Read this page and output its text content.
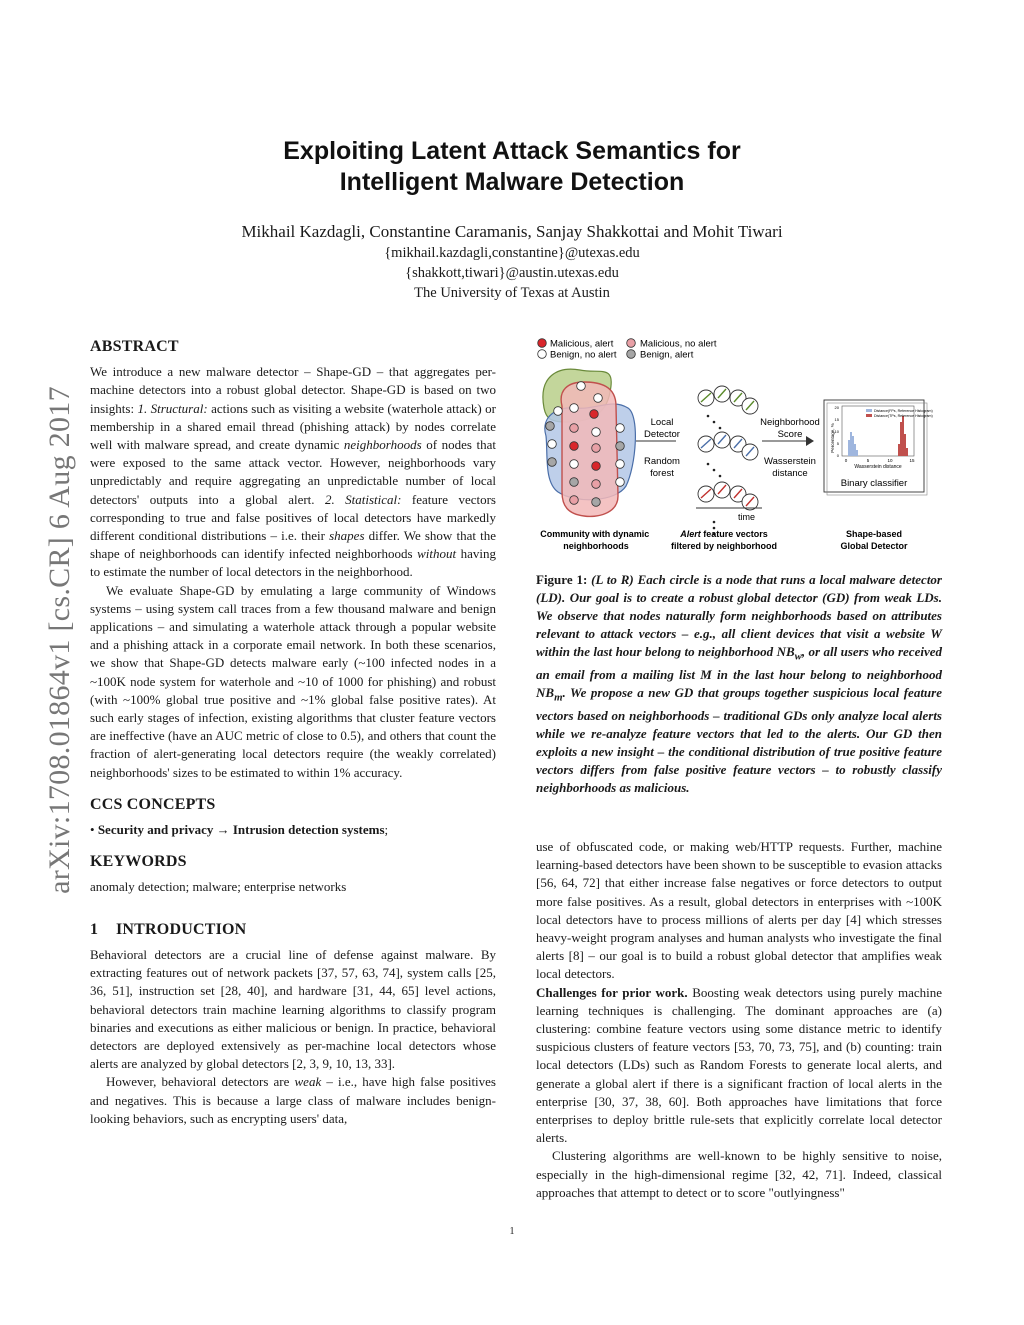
Exploiting Latent Attack Semantics for
Intelligent Malware Detection
Mikhail Kazdagli, Constantine Caramanis, Sanjay Shakkottai and Mohit Tiwari
{mikhail.kazdagli,constantine}@utexas.edu
{shakkott,tiwari}@austin.utexas.edu
The University of Texas at Austin
arXiv:1708.01864v1 [cs.CR] 6 Aug 2017
ABSTRACT

We introduce a new malware detector – Shape-GD – that aggregates per-machine detectors into a robust global detector. Shape-GD is based on two insights: 1. Structural: actions such as visiting a website (waterhole attack) or membership in a shared email thread (phishing attack) by nodes correlate well with malware spread, and create dynamic neighborhoods of nodes that were exposed to the same attack vector. However, neighborhoods vary unpredictably and require aggregating an unpredictable number of local detectors' outputs into a global alert. 2. Statistical: feature vectors corresponding to true and false positives of local detectors have markedly different conditional distributions – i.e. their shapes differ. We show that the shape of neighborhoods can identify infected neighborhoods without having to estimate the number of local detectors in the neighborhood.

We evaluate Shape-GD by emulating a large community of Windows systems – using system call traces from a few thousand malware and benign applications – and simulating a waterhole attack through a popular website and a phishing attack in a corporate email network. In both these scenarios, we show that Shape-GD detects malware early (~100 infected nodes in a ~100K node system for waterhole and ~10 of 1000 for phishing) and robust (with ~100% global true positive and ~1% global false positive rates). At such early stages of infection, existing algorithms that cluster feature vectors are ineffective (have an AUC metric of close to 0.5), and others that count the fraction of alert-generating local detectors require (the weakly correlated) neighborhoods' sizes to be estimated to within 1% accuracy.

CCS CONCEPTS

• Security and privacy → Intrusion detection systems;

KEYWORDS

anomaly detection; malware; enterprise networks

1 INTRODUCTION

Behavioral detectors are a crucial line of defense against malware. By extracting features out of network packets [37, 57, 63, 74], system calls [25, 36, 51], instruction set [28, 40], and hardware [31, 44, 65] level actions, behavioral detectors train machine learning algorithms to classify program binaries and executions as either malicious or benign. In practice, behavioral detectors are deployed extensively as per-machine local detectors whose alerts are analyzed by global detectors [2, 3, 9, 10, 13, 33].

However, behavioral detectors are weak – i.e., have high false positives and negatives. This is because a large class of malware includes benign-looking behaviors, such as encrypting users' data,

Malicious, alert	Malicious, no alert
Benign, no alert Benign, alert
Local Detector
Random forest
time
Neighborhood Score
Wasserstein distance
Distance(FPs, Reference Histogram)
Distance(TPs, Reference Histogram)
Percentage, %
0
5
10
15
20
0	5	10	15
Wasserstein distance
Binary classifier
Community with dynamic neighborhoods
Alert feature vectors filtered by neighborhood
Shape-based Global Detector
Figure 1: (L to R) Each circle is a node that runs a local malware detector (LD). Our goal is to create a robust global detector (GD) from weak LDs. We observe that nodes naturally form neighborhoods based on attributes relevant to attack vectors – e.g., all client devices that visit a website W within the last hour belong to neighborhood $NB_w$, or all users who received an email from a mailing list M in the last hour belong to neighborhood $NB_m$. We propose a new GD that groups together suspicious local feature vectors based on neighborhoods – traditional GDs only analyze local alerts while we re-analyze feature vectors that led to the alerts. Our GD then exploits a new insight – the conditional distribution of true positive feature vectors differs from false positive feature vectors – to robustly classify neighborhoods as malicious.

use of obfuscated code, or making web/HTTP requests. Further, machine learning-based detectors have been shown to be susceptible to evasion attacks [56, 64, 72] that either increase false negatives or force detectors to output more false positives. As a result, global detectors in enterprises with ~100K local detectors have to process millions of alerts per day [4] which stresses heavy-weight program analyses and human analysts who investigate the final alerts [8] – our goal is to build a robust global detector that amplifies weak local detectors.

Challenges for prior work. Boosting weak detectors using purely machine learning techniques is challenging. The dominant approaches are (a) clustering: combine feature vectors using some distance metric to identify suspicious clusters of feature vectors [53, 70, 73, 75], and (b) counting: train local detectors (LDs) such as Random Forests to generate local alerts, and generate a global alert if there is a significant fraction of local alerts in the enterprise [30, 37, 38, 60]. Both approaches have limitations that force enterprises to deploy brittle rule-sets that explicitly correlate local detector alerts.

Clustering algorithms are well-known to be highly sensitive to noise, especially in the high-dimensional regime [32, 42, 71]. Indeed, classical approaches that attempt to detect or to score "outlyingness"

1
